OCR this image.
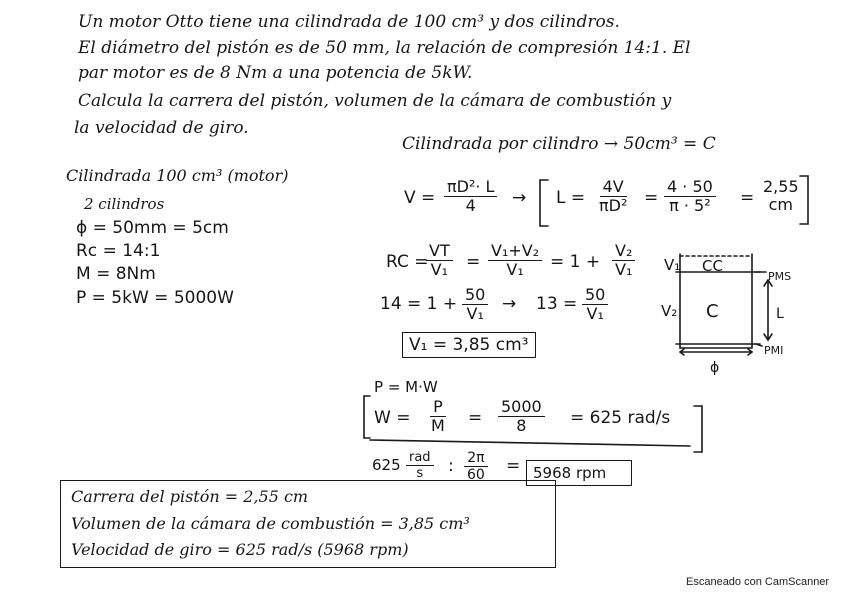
Un motor Otto tiene una cilindrada de 100 cm³ y dos cilindros.
El diámetro del pistón es de 50 mm, la relación de compresión 14:1. El
par motor es de 8 Nm a una potencia de 5kW.
Calcula la carrera del pistón, volumen de la cámara de combustión y
la velocidad de giro.
Cilindrada 100 cm³ (motor)
2 cilindros
ϕ = 50mm = 5cm
Rc = 14:1
M = 8Nm
P = 5kW = 5000W
Cilindrada por cilindro → 50cm³ = C
$V = \frac{\text{πD²· L}}{4} \to L = \frac{4V}{\text{πD²}} = \frac{4 \cdot 50}{\text{π · 5²}}$ =
2,55
cm
RC =
$\frac{VT}{\text{V₁}} = \frac{\text{V₁+V₂}}{\text{V₁}} = 1 + \frac{\text{V₂}}{\text{V₁}}$
$14 = 1 + \frac{50}{\text{V₁}} \to 13 = \frac{50}{\text{V₁}}$
V₁ = 3,85 cm³
V₁
V₂
CC
C
PMS
PMI
L
ϕ
P = M·W
$W = \frac{P}{M} = \frac{5000}{8} = 625$ rad/s
625 rad
s : $\frac{2\pi}{60} = 5968$ rpm
Carrera del pistón = 2,55 cm
Volumen de la cámara de combustión = 3,85 cm³
Velocidad de giro = 625 rad/s (5968 rpm)
Escaneado con CamScanner
